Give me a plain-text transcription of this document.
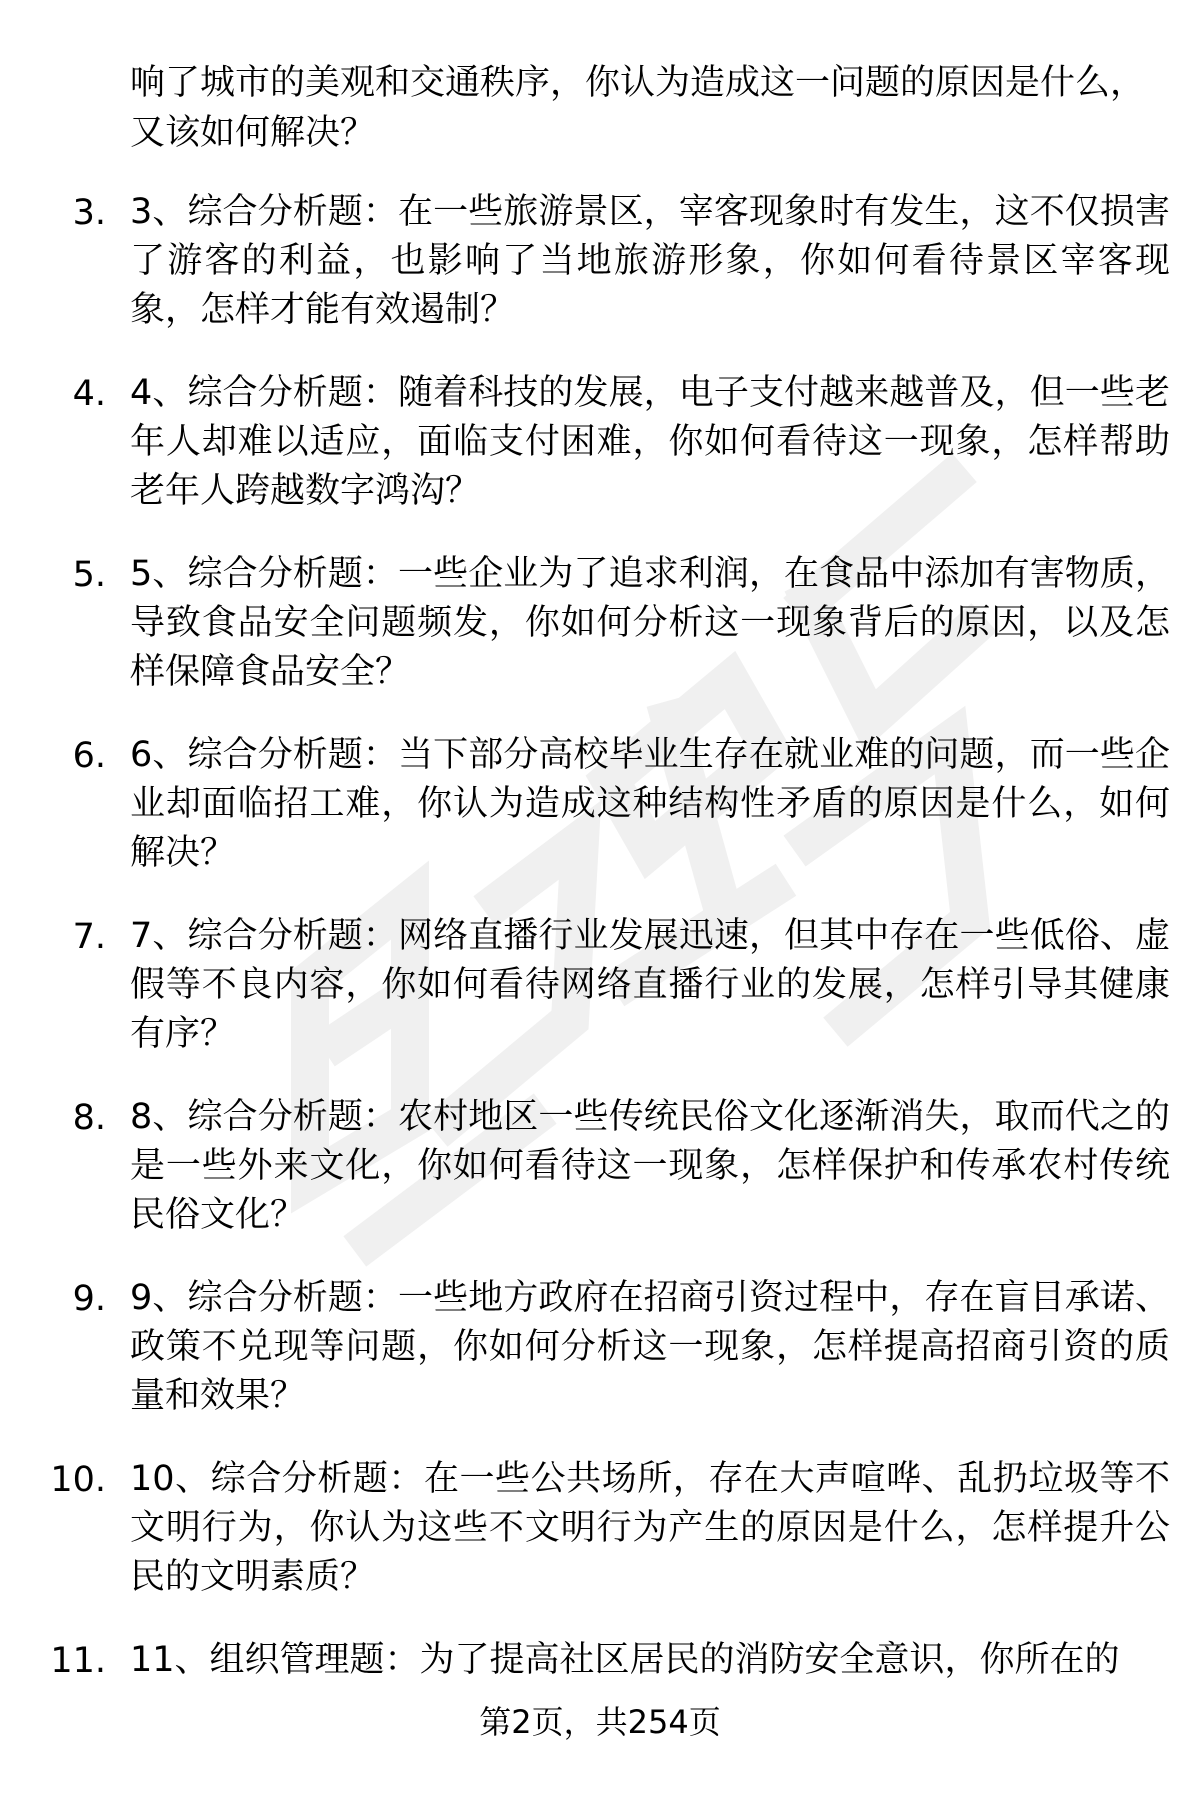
响了城市的美观和交通秩序，你认为造成这一问题的原因是什么，又该如何解决？
3. 3、综合分析题：在一些旅游景区，宰客现象时有发生，这不仅损害了游客的利益，也影响了当地旅游形象，你如何看待景区宰客现象，怎样才能有效遏制？
4. 4、综合分析题：随着科技的发展，电子支付越来越普及，但一些老年人却难以适应，面临支付困难，你如何看待这一现象，怎样帮助老年人跨越数字鸿沟？
5. 5、综合分析题：一些企业为了追求利润，在食品中添加有害物质，导致食品安全问题频发，你如何分析这一现象背后的原因，以及怎样保障食品安全？
6. 6、综合分析题：当下部分高校毕业生存在就业难的问题，而一些企业却面临招工难，你认为造成这种结构性矛盾的原因是什么，如何解决？
7. 7、综合分析题：网络直播行业发展迅速，但其中存在一些低俗、虚假等不良内容，你如何看待网络直播行业的发展，怎样引导其健康有序？
8. 8、综合分析题：农村地区一些传统民俗文化逐渐消失，取而代之的是一些外来文化，你如何看待这一现象，怎样保护和传承农村传统民俗文化？
9. 9、综合分析题：一些地方政府在招商引资过程中，存在盲目承诺、政策不兑现等问题，你如何分析这一现象，怎样提高招商引资的质量和效果？
10. 10、综合分析题：在一些公共场所，存在大声喧哗、乱扔垃圾等不文明行为，你认为这些不文明行为产生的原因是什么，怎样提升公民的文明素质？
11. 11、组织管理题：为了提高社区居民的消防安全意识，你所在的
第2页，共254页
